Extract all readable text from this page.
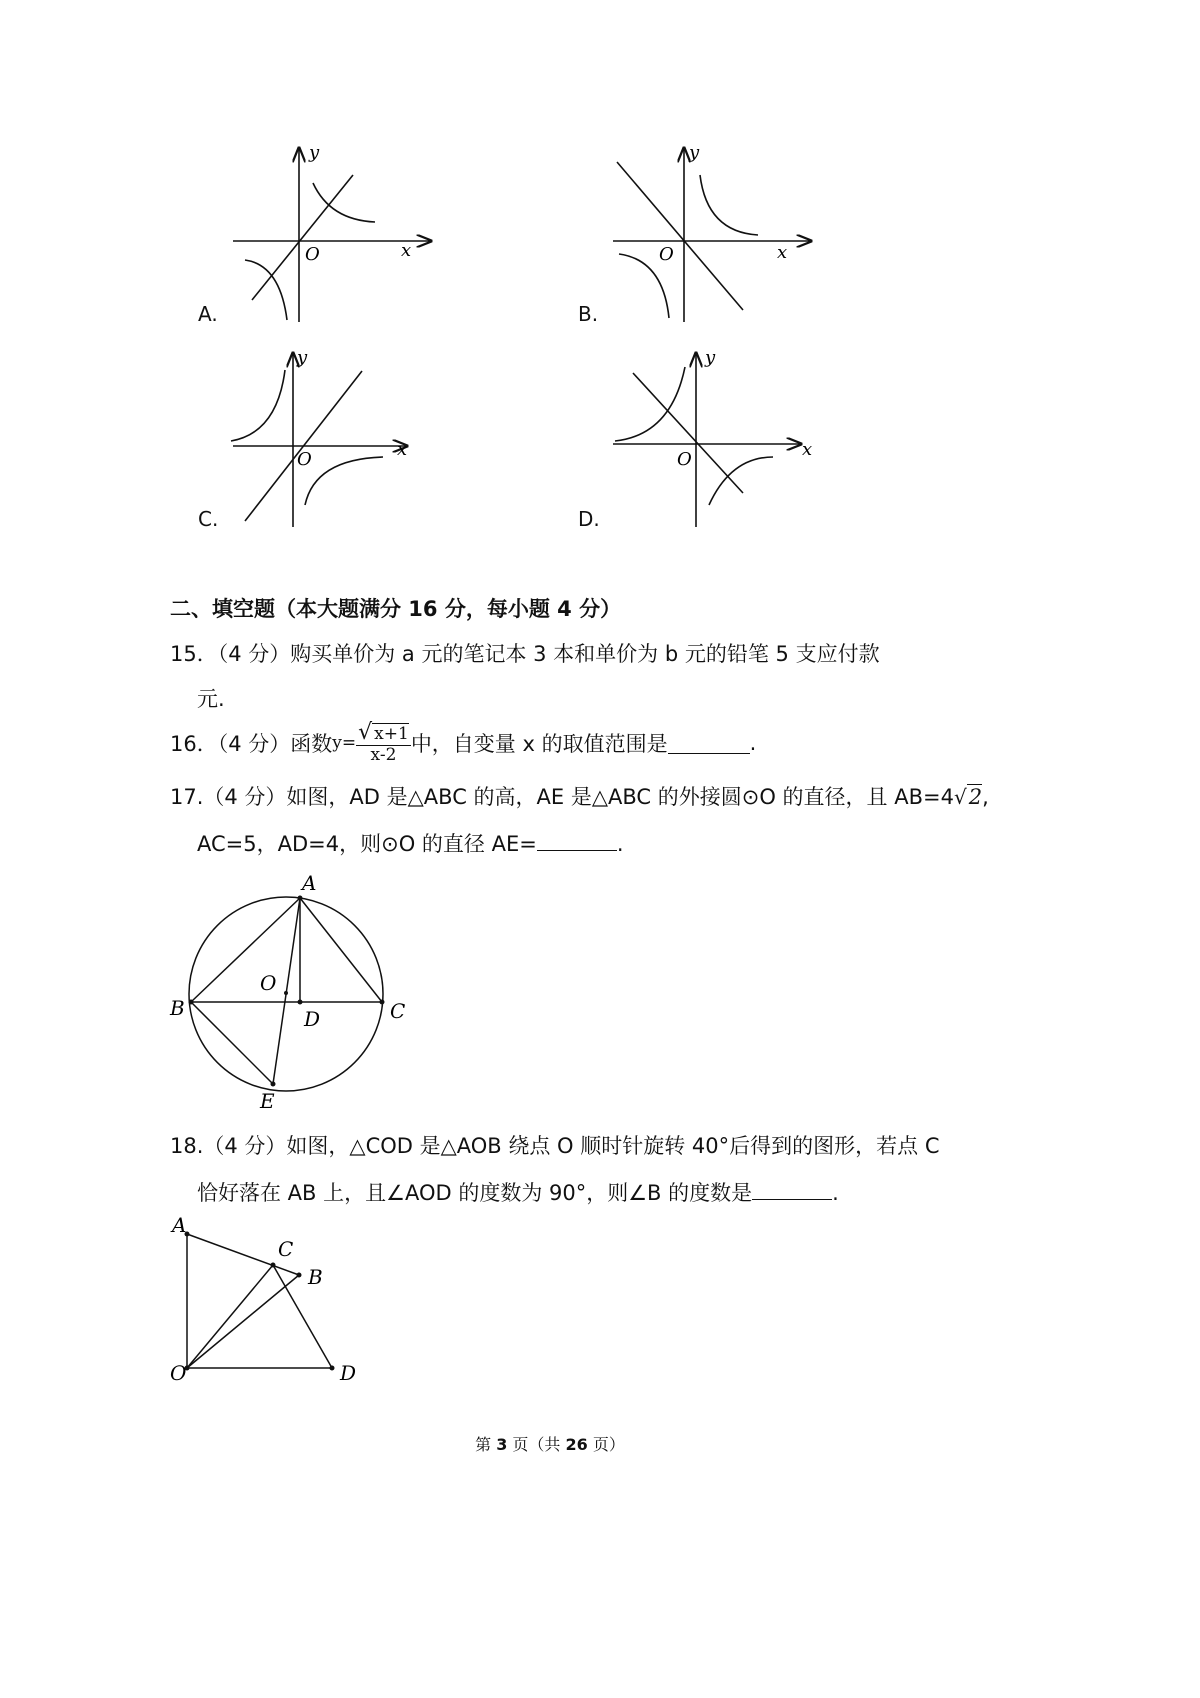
y
x
O
A.
y
x
O
B.
y
x
O
C.
y
x
O
D.
二、填空题（本大题满分 16 分，每小题 4 分）
15．（4 分）购买单价为 a 元的笔记本 3 本和单价为 b 元的铅笔 5 支应付款
元.
16．（4 分）函数$y= \frac{√ x+1}{x-2}$ 中，自变量 x 的取值范围是	.
17.（4 分）如图，AD 是△ABC 的高，AE 是△ABC 的外接圆⊙O 的直径，且 AB=4√2,
AC=5，AD=4，则⊙O 的直径 AE=	.
A
B	C
D
E
O
18.（4 分）如图，△COD 是△AOB 绕点 O 顺时针旋转 40°后得到的图形，若点 C
恰好落在 AB 上，且∠AOD 的度数为 90°，则∠B 的度数是	.
A
C
B
O	D
第 3 页（共 26 页）
